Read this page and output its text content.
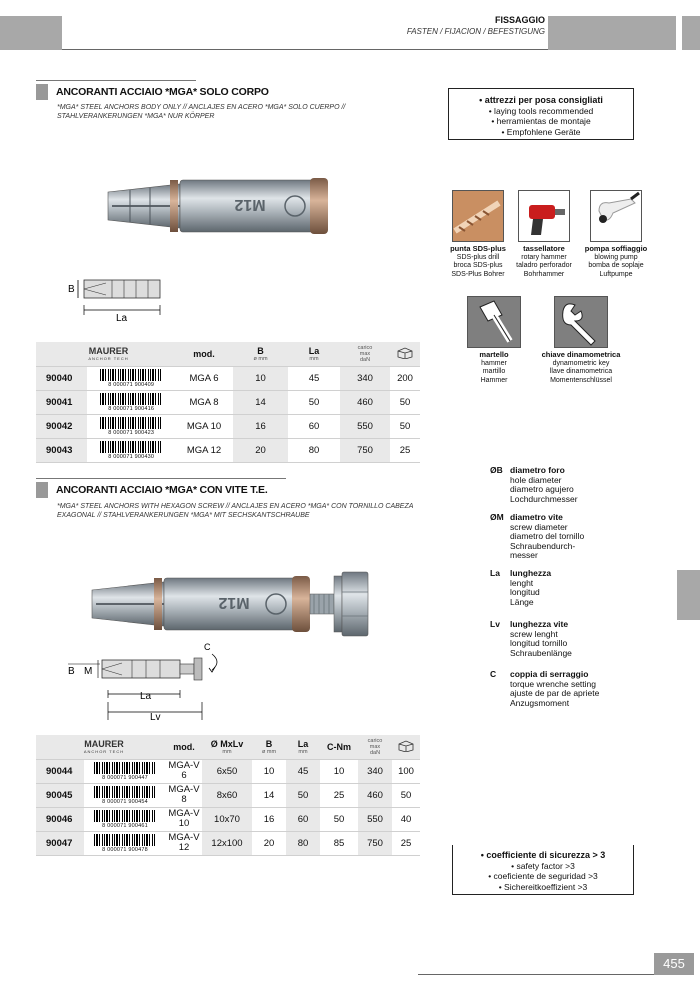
FISSAGGIO
FASTEN / FIJACION / BEFESTIGUNG
ANCORANTI ACCIAIO *MGA* SOLO CORPO
*MGA* STEEL ANCHORS BODY ONLY // ANCLAJES EN ACERO *MGA* SOLO CUERPO // STAHLVERANKERUNGEN *MGA* NUR KÖRPER
M12
B
La
MAURER
ANCHOR TECH		mod.	B
ø mm	La
mm	carico
max
daN

90040	8 000071 900409	MGA 6	10	45	340	200
90041	8 000071 900416	MGA 8	14	50	460	50
90042	8 000071 900423	MGA 10	16	60	550	50
90043	8 000071 900430	MGA 12	20	80	750	25
ANCORANTI ACCIAIO *MGA* CON VITE T.E.
*MGA* STEEL ANCHORS WITH HEXAGON SCREW // ANCLAJES EN ACERO *MGA* CON TORNILLO CABEZA EXAGONAL // STAHLVERANKERUNGEN *MGA* MIT SECHSKANTSCHRAUBE
M12
B M
La
Lv
C
MAURER
ANCHOR TECH		mod.	Ø MxLv
mm	B
ø mm	La
mm	C-Nm	carico
max
daN

90044	8 000071 900447	MGA-V 6	6x50	10	45	10	340	100
90045	8 000071 900454	MGA-V 8	8x60	14	50	25	460	50
90046	8 000071 900461	MGA-V 10	10x70	16	60	50	550	40
90047	8 000071 900478	MGA-V 12	12x100	20	80	85	750	25
• attrezzi per posa consigliati
• laying tools recommended
• herramientas de montaje
• Empfohlene Geräte
punta SDS-plus
SDS-plus drill
broca SDS-plus
SDS-Plus Bohrer
tassellatore
rotary hammer
taladro perforador
Bohrhammer
pompa soffiaggio
blowing pump
bomba de soplaje
Luftpumpe
martello
hammer
martillo
Hammer
chiave dinamometrica
dynamometric key
llave dinamometrica
Momentenschlüssel
ØB diametro foro
hole diameter
diametro agujero
Lochdurchmesser
ØM diametro vite
screw diameter
diametro del tornillo
Schraubendurch-
messer
La	lunghezza
lenght
longitud
Länge
Lv	lunghezza vite
screw lenght
longitud tornillo
Schraubenlänge
C	coppia di serraggio
torque wrenche setting
ajuste de par de apriete
Anzugsmoment
• coefficiente di sicurezza > 3
• safety factor >3
• coeficiente de seguridad >3
• Sichereitkoeffizient >3
455
